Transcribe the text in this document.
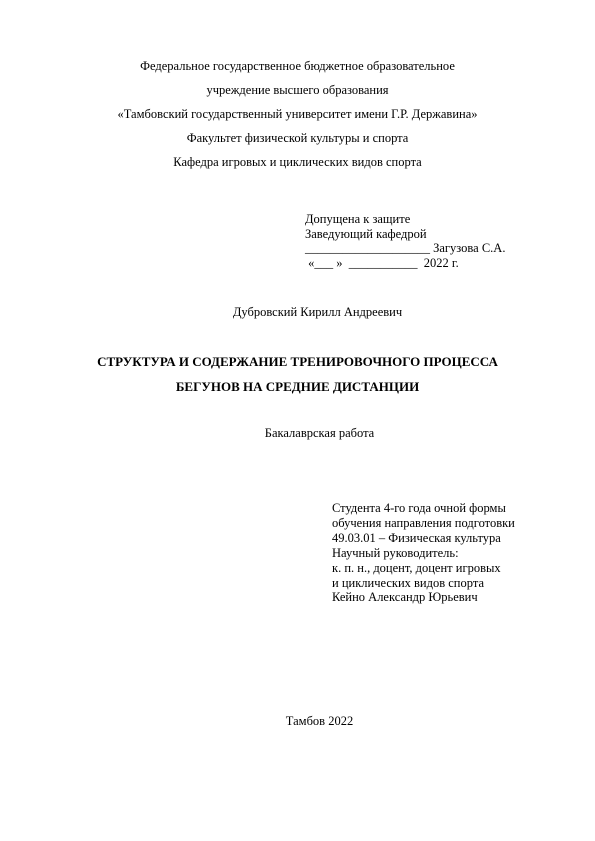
Федеральное государственное бюджетное образовательное
учреждение высшего образования
«Тамбовский государственный университет имени Г.Р. Державина»
Факультет физической культуры и спорта
Кафедра игровых и циклических видов спорта
Допущена к защите
Заведующий кафедрой
____________________ Загузова С.А.
«___ »  ___________  2022 г.
Дубровский Кирилл Андреевич
СТРУКТУРА И СОДЕРЖАНИЕ ТРЕНИРОВОЧНОГО ПРОЦЕССА
БЕГУНОВ НА СРЕДНИЕ ДИСТАНЦИИ
Бакалаврская работа
Студента 4-го года очной формы
обучения направления подготовки
49.03.01 – Физическая культура
Научный руководитель:
к. п. н., доцент, доцент игровых
и циклических видов спорта
Кейно Александр Юрьевич
Тамбов 2022
